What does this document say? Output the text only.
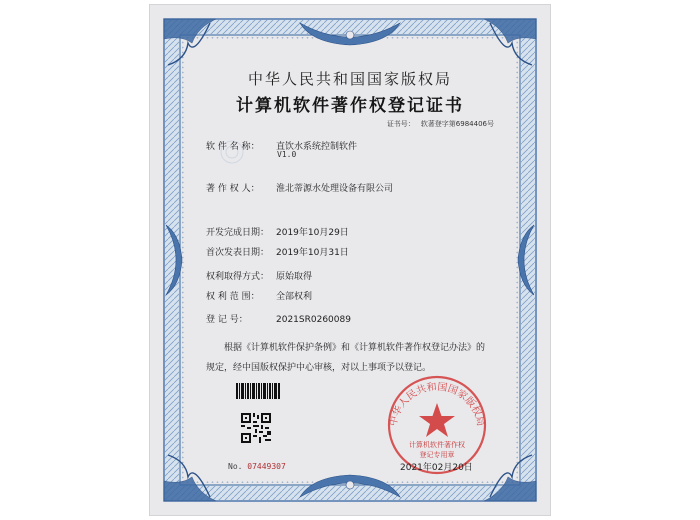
中华人民共和国国家版权局
计算机软件著作权登记证书
证书号： 软著登字第6984406号
软 件 名 称： 直饮水系统控制软件
V1.0
著 作 权 人： 淮北蒂源水处理设备有限公司
开发完成日期： 2019年10月29日
首次发表日期： 2019年10月31日
权利取得方式： 原始取得
权 利 范 围： 全部权利
登 记 号：	2021SR0260089
根据《计算机软件保护条例》和《计算机软件著作权登记办法》的
规定，经中国版权保护中心审核，对以上事项予以登记。
No. 07449307
中华人民共和国国家版权局
计算机软件著作权
登记专用章
2021年02月20日
